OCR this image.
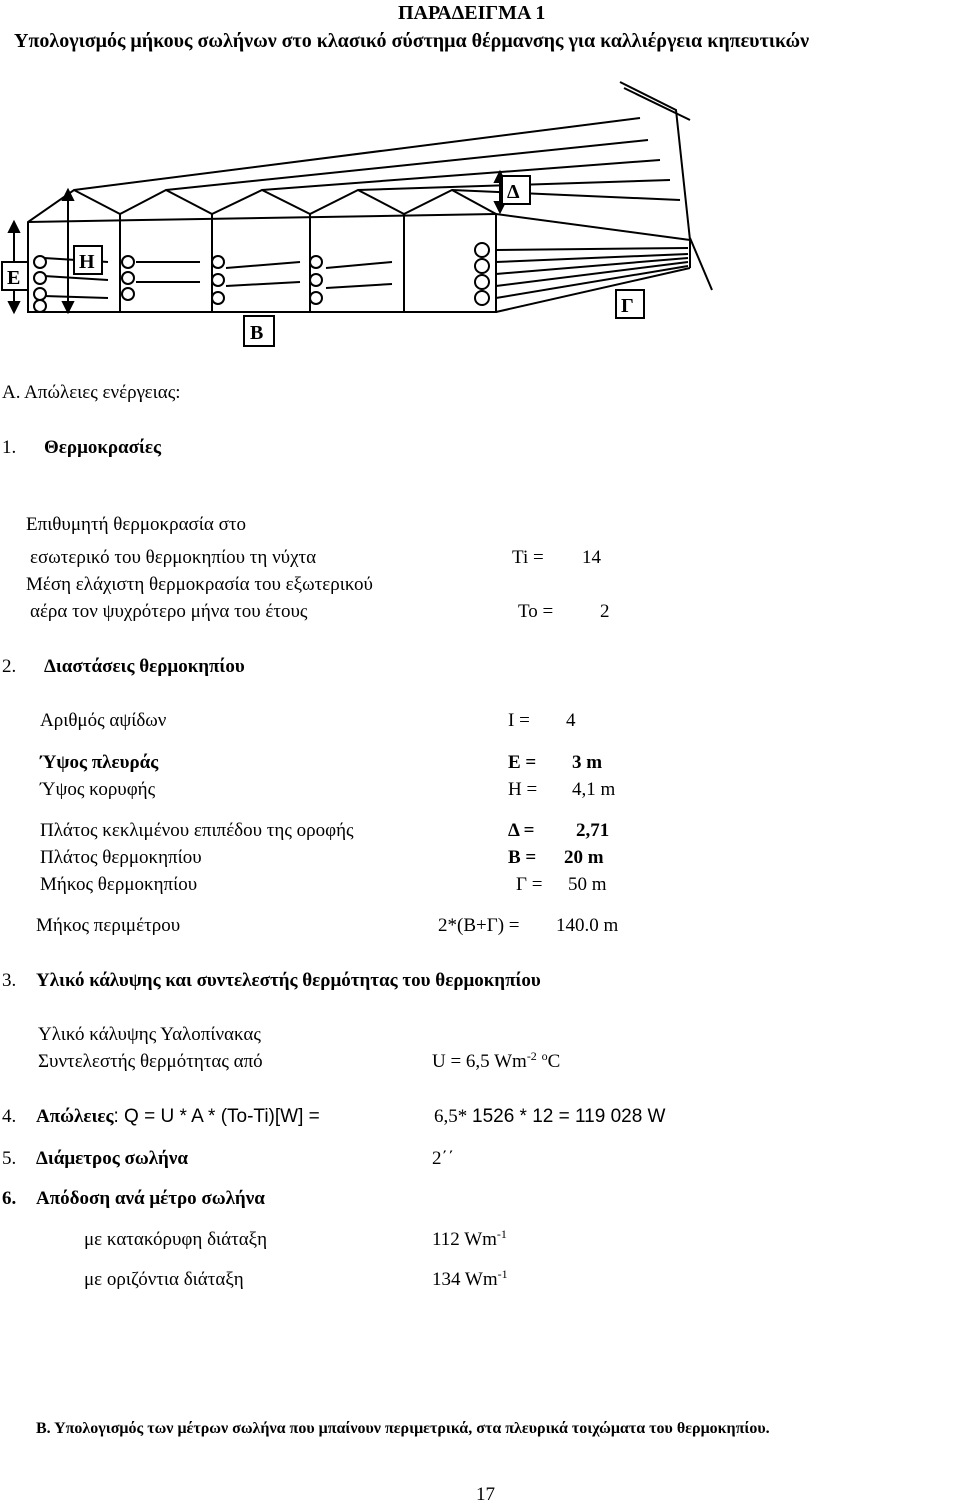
ΠΑΡΑΔΕΙΓΜΑ 1
Υπολογισμός μήκους σωλήνων στο κλασικό σύστημα θέρμανσης για καλλιέργεια κηπευτικών
Ε
Η
Β
Δ
Γ
Α. Απώλειες ενέργειας:
1. Θερμοκρασίες
Επιθυμητή θερμοκρασία στο
εσωτερικό του θερμοκηπίου τη νύχτα	Ti = 14
Μέση ελάχιστη θερμοκρασία του εξωτερικού
αέρα τον ψυχρότερο μήνα του έτους	To = 2
2. Διαστάσεις θερμοκηπίου
Αριθμός αψίδων	I = 4
Ύψος πλευράς	Ε = 3 m
Ύψος κορυφής	Η = 4,1 m
Πλάτος κεκλιμένου επιπέδου της οροφής	Δ = 2,71
Πλάτος θερμοκηπίου	Β = 20 m
Μήκος θερμοκηπίου	Γ = 50 m
Μήκος περιμέτρου	2*(Β+Γ) = 140.0 m
3. Υλικό κάλυψης και συντελεστής θερμότητας του θερμοκηπίου
Υλικό κάλυψης Υαλοπίνακας
Συντελεστής θερμότητας από	U = 6,5 $Wm^{-2}$ $^o$C
4. Απώλειες: Q = U * A * (To-Ti)[W] =	6,5* 1526 * 12 = 119 028 W
5. Διάμετρος σωλήνα	2΄΄
6. Απόδοση ανά μέτρο σωλήνα
με κατακόρυφη διάταξη	112 $Wm^{-1}$
με οριζόντια διάταξη	134 $Wm^{-1}$
Β. Υπολογισμός των μέτρων σωλήνα που μπαίνουν περιμετρικά, στα πλευρικά τοιχώματα του θερμοκηπίου.
17
